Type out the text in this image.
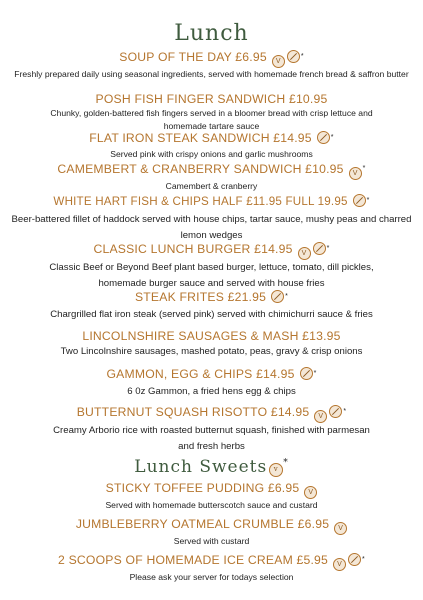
Lunch
SOUP OF THE DAY £6.95 V*
Freshly prepared daily using seasonal ingredients, served with homemade french bread & saffron butter
POSH FISH FINGER SANDWICH £10.95
Chunky, golden-battered fish fingers served in a bloomer bread with crisp lettuce and homemade tartare sauce
FLAT IRON STEAK SANDWICH £14.95	*
Served pink with crispy onions and garlic mushrooms
CAMEMBERT & CRANBERRY SANDWICH £10.95 V*
Camembert & cranberry
WHITE HART FISH & CHIPS HALF £11.95 FULL 19.95	*
Beer-battered fillet of haddock served with house chips, tartar sauce, mushy peas and charred lemon wedges
CLASSIC LUNCH BURGER £14.95 V*
Classic Beef or Beyond Beef plant based burger, lettuce, tomato, dill pickles, homemade burger sauce and served with house fries
STEAK FRITES £21.95	*
Chargrilled flat iron steak (served pink) served with chimichurri sauce & fries
LINCOLNSHIRE SAUSAGES & MASH £13.95
Two Lincolnshire sausages, mashed potato, peas, gravy & crisp onions
GAMMON, EGG & CHIPS £14.95	*
6 0z Gammon, a fried hens egg & chips
BUTTERNUT SQUASH RISOTTO £14.95 V*
Creamy Arborio rice with roasted butternut squash, finished with parmesan and fresh herbs
Lunch Sweets v*
STICKY TOFFEE PUDDING £6.95 V
Served with homemade butterscotch sauce and custard
JUMBLEBERRY OATMEAL CRUMBLE £6.95 V
Served with custard
2 SCOOPS OF HOMEMADE ICE CREAM £5.95 V*
Please ask your server for todays selection
